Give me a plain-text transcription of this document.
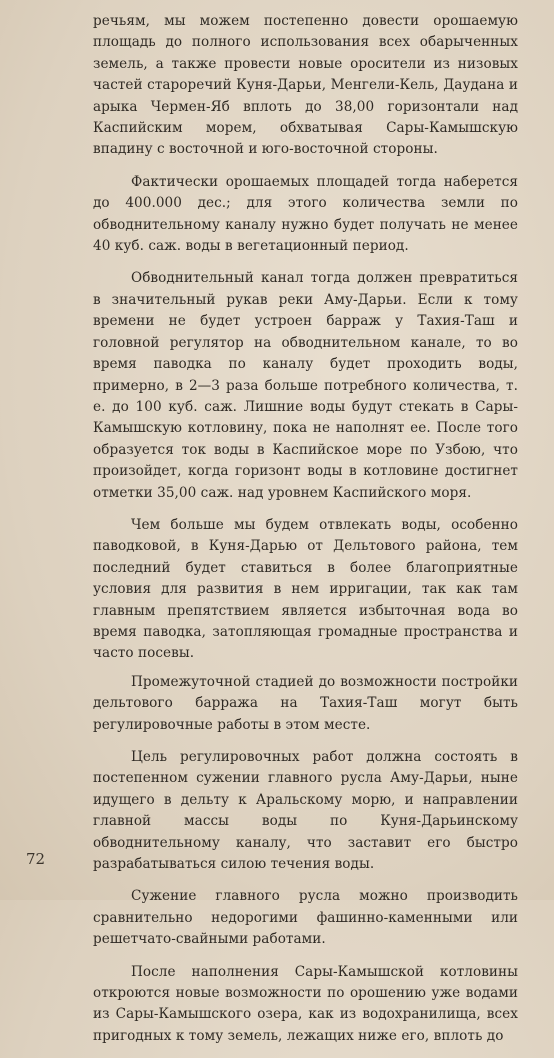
речьям, мы можем постепенно довести орошаемую площадь до полного использования всех обарыченных земель, а также провести новые оросители из низовых частей староречий Куня-Дарьи, Менгели-Кель, Даудана и арыка Чермен-Яб вплоть до 38,00 горизонтали над Каспийским морем, обхватывая Сары-Камышскую впадину с восточной и юго-восточной стороны.

Фактически орошаемых площадей тогда наберется до 400.000 дес.; для этого количества земли по обводнительному каналу нужно будет получать не менее 40 куб. саж. воды в вегетационный период.

Обводнительный канал тогда должен превратиться в значительный рукав реки Аму-Дарьи. Если к тому времени не будет устроен барраж у Тахия-Таш и головной регулятор на обводнительном канале, то во время паводка по каналу будет проходить воды, примерно, в 2—3 раза больше потребного количества, т. е. до 100 куб. саж. Лишние воды будут стекать в Сары-Камышскую котловину, пока не наполнят ее. После того образуется ток воды в Каспийское море по Узбою, что произойдет, когда горизонт воды в котловине достигнет отметки 35,00 саж. над уровнем Каспийского моря.

Чем больше мы будем отвлекать воды, особенно паводковой, в Куня-Дарью от Дельтового района, тем последний будет ставиться в более благоприятные условия для развития в нем ирригации, так как там главным препятствием является избыточная вода во время паводка, затопляющая громадные пространства и часто посевы.

Промежуточной стадией до возможности постройки дельтового барража на Тахия-Таш могут быть регулировочные работы в этом месте.

Цель регулировочных работ должна состоять в постепенном сужении главного русла Аму-Дарьи, ныне идущего в дельту к Аральскому морю, и направлении главной массы воды по Куня-Дарьинскому обводнительному каналу, что заставит его быстро разрабатываться силою течения воды.

Сужение главного русла можно производить сравнительно недорогими фашинно-каменными или решетчато-свайными работами.

После наполнения Сары-Камышской котловины откроются новые возможности по орошению уже водами из Сары-Камышского озера, как из водохранилища, всех пригодных к тому земель, лежащих ниже его, вплоть до

72
